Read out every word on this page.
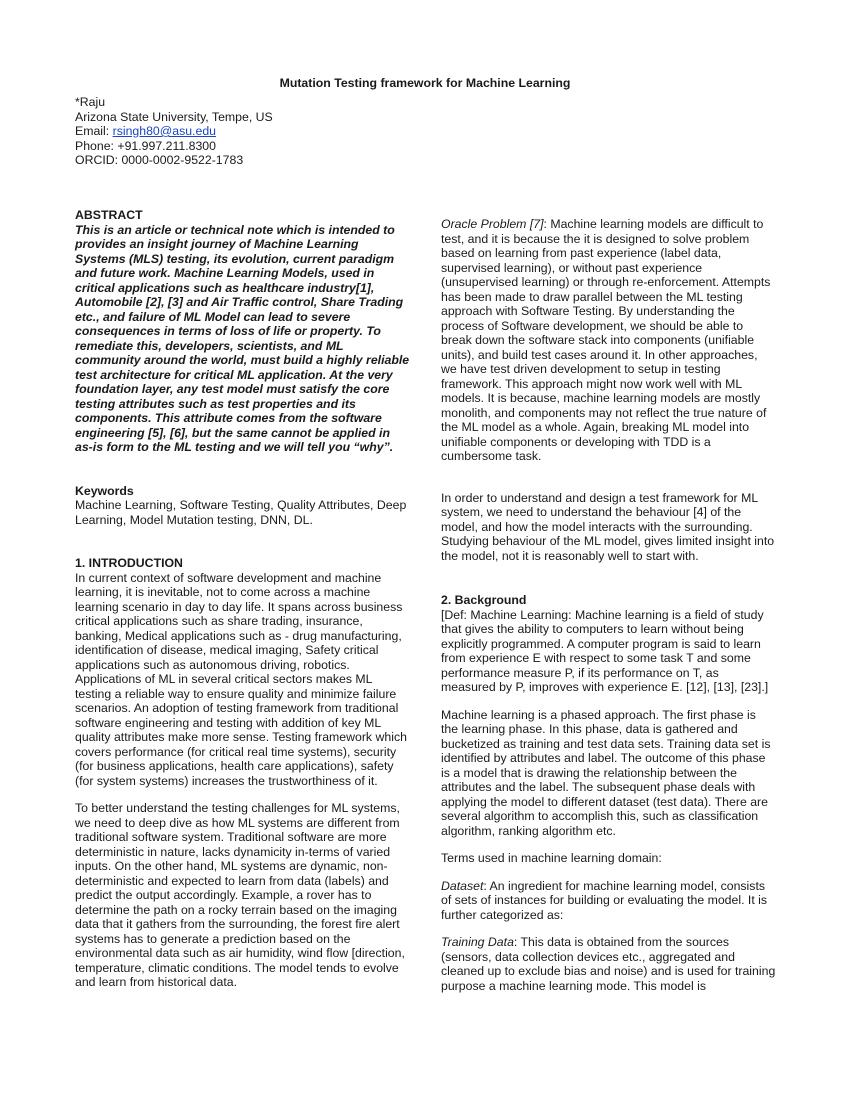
Mutation Testing framework for Machine Learning
*Raju
Arizona State University, Tempe, US
Email: rsingh80@asu.edu
Phone: +91.997.211.8300
ORCID: 0000-0002-9522-1783
ABSTRACT

This is an article or technical note which is intended to provides an insight journey of Machine Learning Systems (MLS) testing, its evolution, current paradigm and future work. Machine Learning Models, used in critical applications such as healthcare industry[1], Automobile [2], [3] and Air Traffic control, Share Trading etc., and failure of ML Model can lead to severe consequences in terms of loss of life or property. To remediate this, developers, scientists, and ML community around the world, must build a highly reliable test architecture for critical ML application. At the very foundation layer, any test model must satisfy the core testing attributes such as test properties and its components. This attribute comes from the software engineering [5], [6], but the same cannot be applied in as-is form to the ML testing and we will tell you “why”.

Keywords

Machine Learning, Software Testing, Quality Attributes, Deep Learning, Model Mutation testing, DNN, DL.

1. INTRODUCTION

In current context of software development and machine learning, it is inevitable, not to come across a machine learning scenario in day to day life. It spans across business critical applications such as share trading, insurance, banking, Medical applications such as - drug manufacturing, identification of disease, medical imaging, Safety critical applications such as autonomous driving, robotics. Applications of ML in several critical sectors makes ML testing a reliable way to ensure quality and minimize failure scenarios. An adoption of testing framework from traditional software engineering and testing with addition of key ML quality attributes make more sense. Testing framework which covers performance (for critical real time systems), security (for business applications, health care applications), safety (for system systems) increases the trustworthiness of it.

To better understand the testing challenges for ML systems, we need to deep dive as how ML systems are different from traditional software system. Traditional software are more deterministic in nature, lacks dynamicity in-terms of varied inputs. On the other hand, ML systems are dynamic, non-deterministic and expected to learn from data (labels) and predict the output accordingly. Example, a rover has to determine the path on a rocky terrain based on the imaging data that it gathers from the surrounding, the forest fire alert systems has to generate a prediction based on the environmental data such as air humidity, wind flow [direction, temperature, climatic conditions. The model tends to evolve and learn from historical data.

Oracle Problem [7]: Machine learning models are difficult to test, and it is because the it is designed to solve problem based on learning from past experience (label data, supervised learning), or without past experience (unsupervised learning) or through re-enforcement. Attempts has been made to draw parallel between the ML testing approach with Software Testing. By understanding the process of Software development, we should be able to break down the software stack into components (unifiable units), and build test cases around it. In other approaches, we have test driven development to setup in testing framework. This approach might now work well with ML models. It is because, machine learning models are mostly monolith, and components may not reflect the true nature of the ML model as a whole. Again, breaking ML model into unifiable components or developing with TDD is a cumbersome task.

In order to understand and design a test framework for ML system, we need to understand the behaviour [4] of the model, and how the model interacts with the surrounding. Studying behaviour of the ML model, gives limited insight into the model, not it is reasonably well to start with.

2. Background

[Def: Machine Learning: Machine learning is a field of study that gives the ability to computers to learn without being explicitly programmed. A computer program is said to learn from experience E with respect to some task T and some performance measure P, if its performance on T, as measured by P, improves with experience E. [12], [13], [23].]

Machine learning is a phased approach. The first phase is the learning phase. In this phase, data is gathered and bucketized as training and test data sets. Training data set is identified by attributes and label. The outcome of this phase is a model that is drawing the relationship between the attributes and the label. The subsequent phase deals with applying the model to different dataset (test data). There are several algorithm to accomplish this, such as classification algorithm, ranking algorithm etc.

Terms used in machine learning domain:

Dataset: An ingredient for machine learning model, consists of sets of instances for building or evaluating the model. It is further categorized as:

Training Data: This data is obtained from the sources (sensors, data collection devices etc., aggregated and cleaned up to exclude bias and noise) and is used for training purpose a machine learning mode. This model is
